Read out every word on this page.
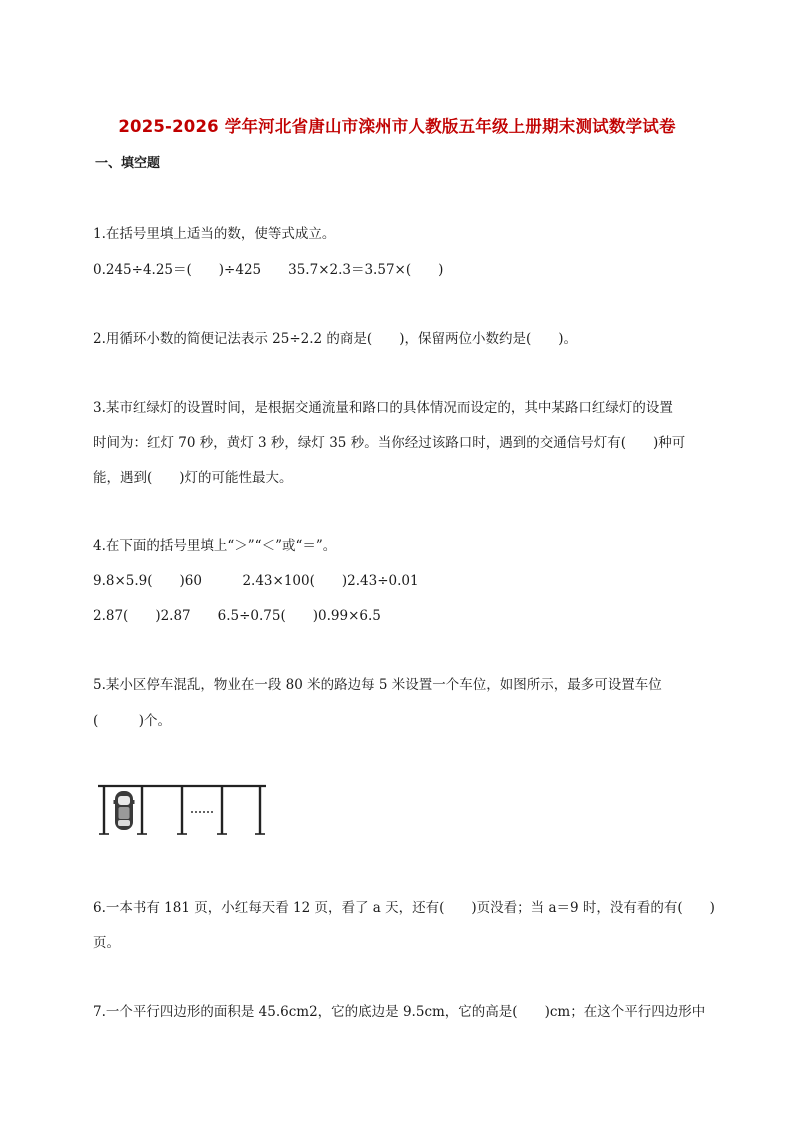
2025-2026 学年河北省唐山市滦州市人教版五年级上册期末测试数学试卷
一、填空题
1.在括号里填上适当的数，使等式成立。
0.245÷4.25＝(　　)÷425　　35.7×2.3＝3.57×(　　)
2.用循环小数的简便记法表示 25÷2.2 的商是(　　)，保留两位小数约是(　　)。
3.某市红绿灯的设置时间，是根据交通流量和路口的具体情况而设定的，其中某路口红绿灯的设置
时间为：红灯 70 秒，黄灯 3 秒，绿灯 35 秒。当你经过该路口时，遇到的交通信号灯有(　　)种可
能，遇到(　　)灯的可能性最大。
4.在下面的括号里填上“＞”“＜”或“＝”。
9.8×5.9(　　)60　　　2.43×100(　　)2.43÷0.01
2.87(　　)2.87　　6.5÷0.75(　　)0.99×6.5
5.某小区停车混乱，物业在一段 80 米的路边每 5 米设置一个车位，如图所示，最多可设置车位
(　　　)个。
6.一本书有 181 页，小红每天看 12 页，看了 a 天，还有(　　)页没看；当 a＝9 时，没有看的有(　　)
页。
7.一个平行四边形的面积是 45.6cm2，它的底边是 9.5cm，它的高是(　　)cm；在这个平行四边形中
